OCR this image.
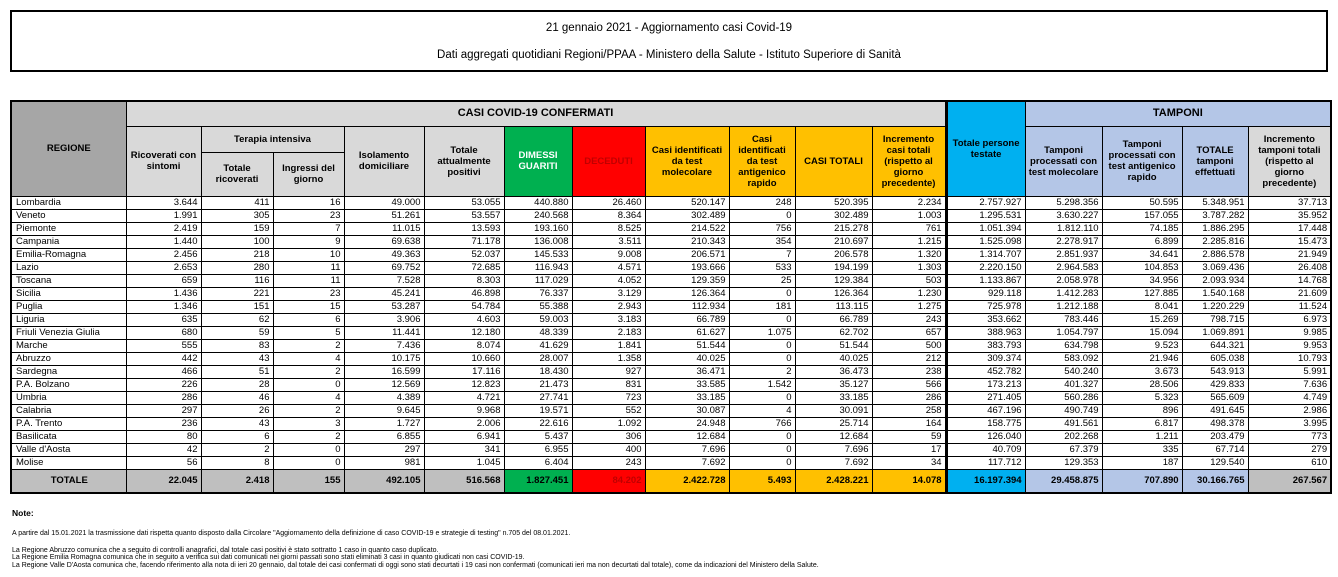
21 gennaio 2021 - Aggiornamento casi Covid-19

Dati aggregati quotidiani Regioni/PPAA - Ministero della Salute - Istituto Superiore di Sanità

REGIONE	CASI COVID-19 CONFERMATI											Totale persone testate	TAMPONI			
	Ricoverati con sintomi	Terapia intensiva		Isolamento domiciliare	Totale attualmente positivi	DIMESSI GUARITI	DECEDUTI	Casi identificati da test molecolare	Casi identificati da test antigenico rapido	CASI TOTALI	Incremento casi totali (rispetto al giorno precedente)		Tamponi processati con test molecolare	Tamponi processati con test antigenico rapido	TOTALE tamponi effettuati	Incremento tamponi totali (rispetto al giorno precedente)
		Totale ricoverati	Ingressi del giorno													
Lombardia	3.644	411	16	49.000	53.055	440.880	26.460	520.147	248	520.395	2.234	2.757.927	5.298.356	50.595	5.348.951	37.713
Veneto	1.991	305	23	51.261	53.557	240.568	8.364	302.489	0	302.489	1.003	1.295.531	3.630.227	157.055	3.787.282	35.952
Piemonte	2.419	159	7	11.015	13.593	193.160	8.525	214.522	756	215.278	761	1.051.394	1.812.110	74.185	1.886.295	17.448
Campania	1.440	100	9	69.638	71.178	136.008	3.511	210.343	354	210.697	1.215	1.525.098	2.278.917	6.899	2.285.816	15.473
Emilia-Romagna	2.456	218	10	49.363	52.037	145.533	9.008	206.571	7	206.578	1.320	1.314.707	2.851.937	34.641	2.886.578	21.949
Lazio	2.653	280	11	69.752	72.685	116.943	4.571	193.666	533	194.199	1.303	2.220.150	2.964.583	104.853	3.069.436	26.408
Toscana	659	116	11	7.528	8.303	117.029	4.052	129.359	25	129.384	503	1.133.867	2.058.978	34.956	2.093.934	14.768
Sicilia	1.436	221	23	45.241	46.898	76.337	3.129	126.364	0	126.364	1.230	929.118	1.412.283	127.885	1.540.168	21.609
Puglia	1.346	151	15	53.287	54.784	55.388	2.943	112.934	181	113.115	1.275	725.978	1.212.188	8.041	1.220.229	11.524
Liguria	635	62	6	3.906	4.603	59.003	3.183	66.789	0	66.789	243	353.662	783.446	15.269	798.715	6.973
Friuli Venezia Giulia	680	59	5	11.441	12.180	48.339	2.183	61.627	1.075	62.702	657	388.963	1.054.797	15.094	1.069.891	9.985
Marche	555	83	2	7.436	8.074	41.629	1.841	51.544	0	51.544	500	383.793	634.798	9.523	644.321	9.953
Abruzzo	442	43	4	10.175	10.660	28.007	1.358	40.025	0	40.025	212	309.374	583.092	21.946	605.038	10.793
Sardegna	466	51	2	16.599	17.116	18.430	927	36.471	2	36.473	238	452.782	540.240	3.673	543.913	5.991
P.A. Bolzano	226	28	0	12.569	12.823	21.473	831	33.585	1.542	35.127	566	173.213	401.327	28.506	429.833	7.636
Umbria	286	46	4	4.389	4.721	27.741	723	33.185	0	33.185	286	271.405	560.286	5.323	565.609	4.749
Calabria	297	26	2	9.645	9.968	19.571	552	30.087	4	30.091	258	467.196	490.749	896	491.645	2.986
P.A. Trento	236	43	3	1.727	2.006	22.616	1.092	24.948	766	25.714	164	158.775	491.561	6.817	498.378	3.995
Basilicata	80	6	2	6.855	6.941	5.437	306	12.684	0	12.684	59	126.040	202.268	1.211	203.479	773
Valle d'Aosta	42	2	0	297	341	6.955	400	7.696	0	7.696	17	40.709	67.379	335	67.714	279
Molise	56	8	0	981	1.045	6.404	243	7.692	0	7.692	34	117.712	129.353	187	129.540	610
TOTALE	22.045	2.418	155	492.105	516.568	1.827.451	84.202	2.422.728	5.493	2.428.221	14.078	16.197.394	29.458.875	707.890	30.166.765	267.567

Note:

A partire dal 15.01.2021 la trasmissione dati rispetta quanto disposto dalla Circolare "Aggiornamento della definizione di caso COVID-19 e strategie di testing" n.705 del 08.01.2021.

La Regione Abruzzo comunica che a seguito di controlli anagrafici, dal totale casi positivi è stato sottratto 1 caso in quanto caso duplicato.

La Regione Emilia Romagna comunica che in seguito a verifica sui dati comunicati nei giorni passati sono stati eliminati 3 casi in quanto giudicati non casi COVID-19.

La Regione Valle D'Aosta comunica che, facendo riferimento alla nota di ieri 20 gennaio, dal totale dei casi confermati di oggi sono stati decurtati i 19 casi non confermati (comunicati ieri ma non decurtati dal totale), come da indicazioni del Ministero della Salute.
